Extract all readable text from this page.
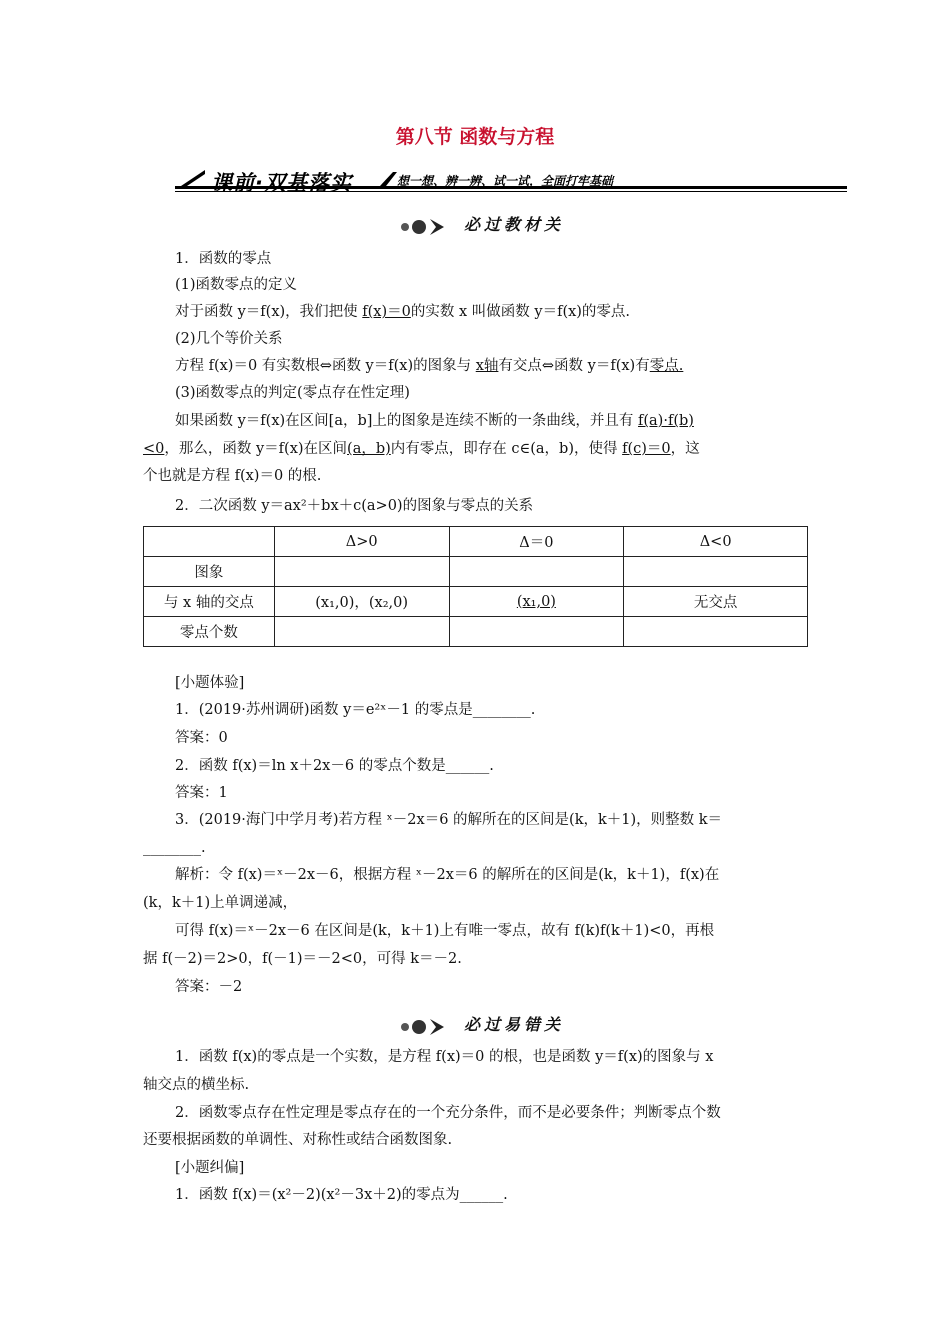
第八节 函数与方程
课前·双基落实	想一想、辨一辨、试一试，全面打牢基础
必过教材关
1．函数的零点
(1)函数零点的定义
对于函数 y＝f(x)，我们把使 f(x)＝0的实数 x 叫做函数 y＝f(x)的零点.
(2)几个等价关系
方程 f(x)＝0 有实数根⇔函数 y＝f(x)的图象与 x轴有交点⇔函数 y＝f(x)有零点.
(3)函数零点的判定(零点存在性定理)
如果函数 y＝f(x)在区间[a，b]上的图象是连续不断的一条曲线，并且有 f(a)·f(b)
<0，那么，函数 y＝f(x)在区间(a，b)内有零点，即存在 c∈(a，b)，使得 f(c)＝0，这
个也就是方程 f(x)＝0 的根.
2．二次函数 y＝ax²＋bx＋c(a>0)的图象与零点的关系
	Δ>0	Δ＝0	Δ<0
图象			
与 x 轴的交点	(x₁,0)，(x₂,0)	(x₁,0)	无交点
零点个数			
[小题体验]
1．(2019·苏州调研)函数 y＝e²ˣ－1 的零点是________.
答案：0
2．函数 f(x)＝ln x＋2x－6 的零点个数是______.
答案：1
3．(2019·海门中学月考)若方程 ˣ－2x＝6 的解所在的区间是(k，k＋1)，则整数 k＝
________.
解析：令 f(x)＝ˣ－2x－6，根据方程 ˣ－2x＝6 的解所在的区间是(k，k＋1)，f(x)在
(k，k＋1)上单调递减，
可得 f(x)＝ˣ－2x－6 在区间是(k，k＋1)上有唯一零点，故有 f(k)f(k＋1)<0，再根
据 f(－2)＝2>0，f(－1)＝－2<0，可得 k＝－2.
答案：－2
必过易错关
1．函数 f(x)的零点是一个实数，是方程 f(x)＝0 的根，也是函数 y＝f(x)的图象与 x
轴交点的横坐标.
2．函数零点存在性定理是零点存在的一个充分条件，而不是必要条件；判断零点个数
还要根据函数的单调性、对称性或结合函数图象.
[小题纠偏]
1．函数 f(x)＝(x²－2)(x²－3x＋2)的零点为______.
